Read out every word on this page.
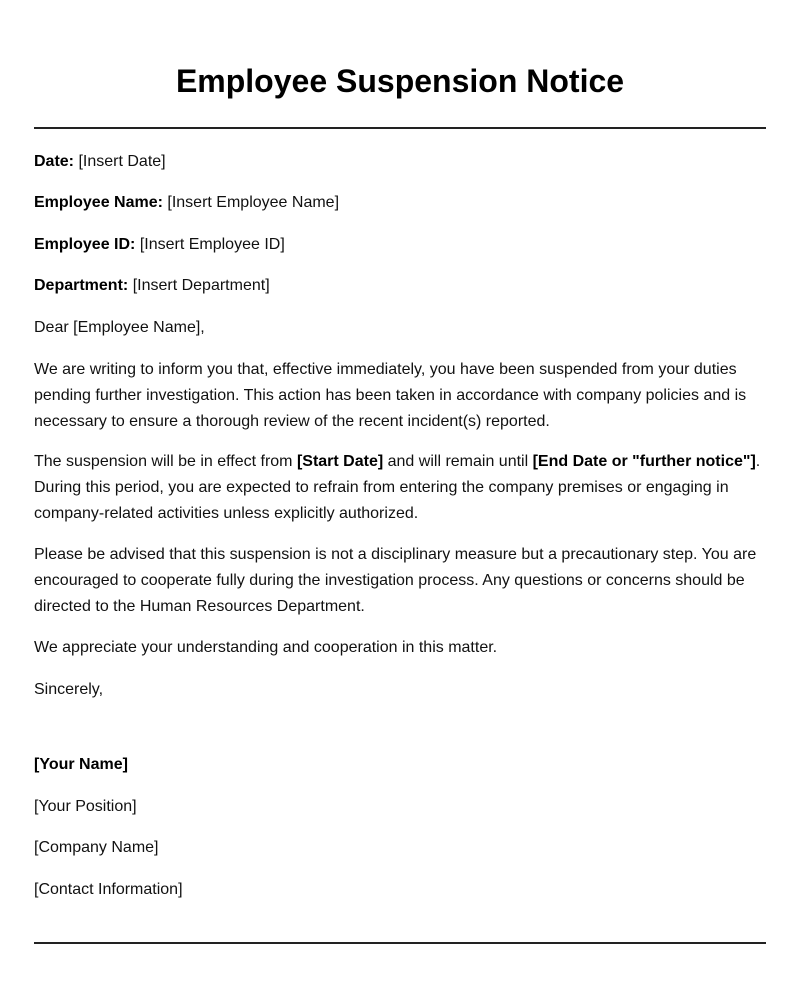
Employee Suspension Notice
Date: [Insert Date]
Employee Name: [Insert Employee Name]
Employee ID: [Insert Employee ID]
Department: [Insert Department]
Dear [Employee Name],
We are writing to inform you that, effective immediately, you have been suspended from your duties pending further investigation. This action has been taken in accordance with company policies and is necessary to ensure a thorough review of the recent incident(s) reported.
The suspension will be in effect from [Start Date] and will remain until [End Date or "further notice"]. During this period, you are expected to refrain from entering the company premises or engaging in company-related activities unless explicitly authorized.
Please be advised that this suspension is not a disciplinary measure but a precautionary step. You are encouraged to cooperate fully during the investigation process. Any questions or concerns should be directed to the Human Resources Department.
We appreciate your understanding and cooperation in this matter.
Sincerely,
[Your Name]
[Your Position]
[Company Name]
[Contact Information]
